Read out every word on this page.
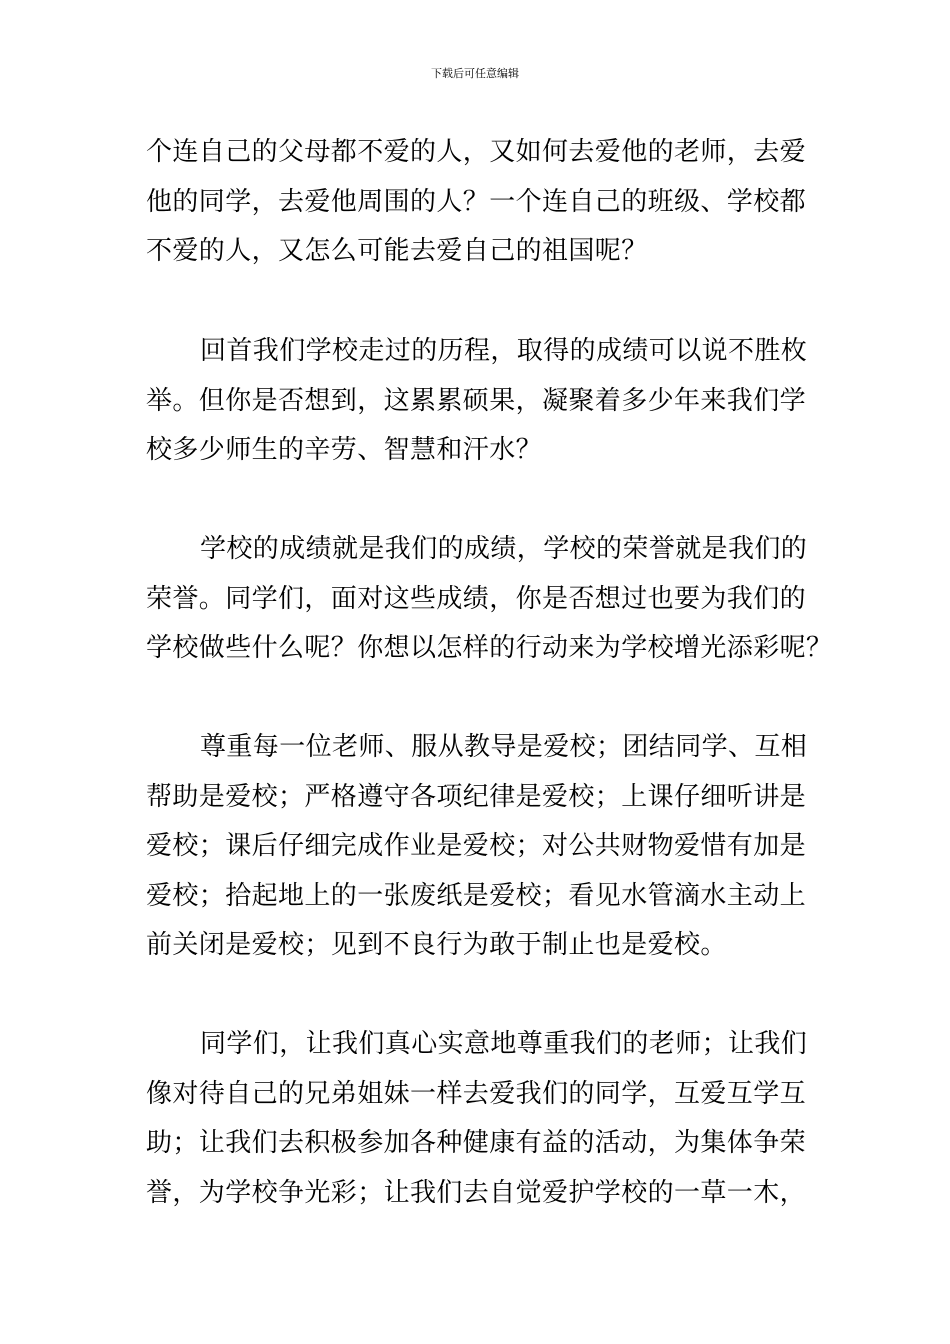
下载后可任意编辑

个连自己的父母都不爱的人，又如何去爱他的老师，去爱
他的同学，去爱他周围的人？一个连自己的班级、学校都
不爱的人，又怎么可能去爱自己的祖国呢？

回首我们学校走过的历程，取得的成绩可以说不胜枚
举。但你是否想到，这累累硕果，凝聚着多少年来我们学
校多少师生的辛劳、智慧和汗水？

学校的成绩就是我们的成绩，学校的荣誉就是我们的
荣誉。同学们，面对这些成绩，你是否想过也要为我们的
学校做些什么呢？你想以怎样的行动来为学校增光添彩呢？

尊重每一位老师、服从教导是爱校；团结同学、互相
帮助是爱校；严格遵守各项纪律是爱校；上课仔细听讲是
爱校；课后仔细完成作业是爱校；对公共财物爱惜有加是
爱校；拾起地上的一张废纸是爱校；看见水管滴水主动上
前关闭是爱校；见到不良行为敢于制止也是爱校。

同学们，让我们真心实意地尊重我们的老师；让我们
像对待自己的兄弟姐妹一样去爱我们的同学，互爱互学互
助；让我们去积极参加各种健康有益的活动，为集体争荣
誉，为学校争光彩；让我们去自觉爱护学校的一草一木，
